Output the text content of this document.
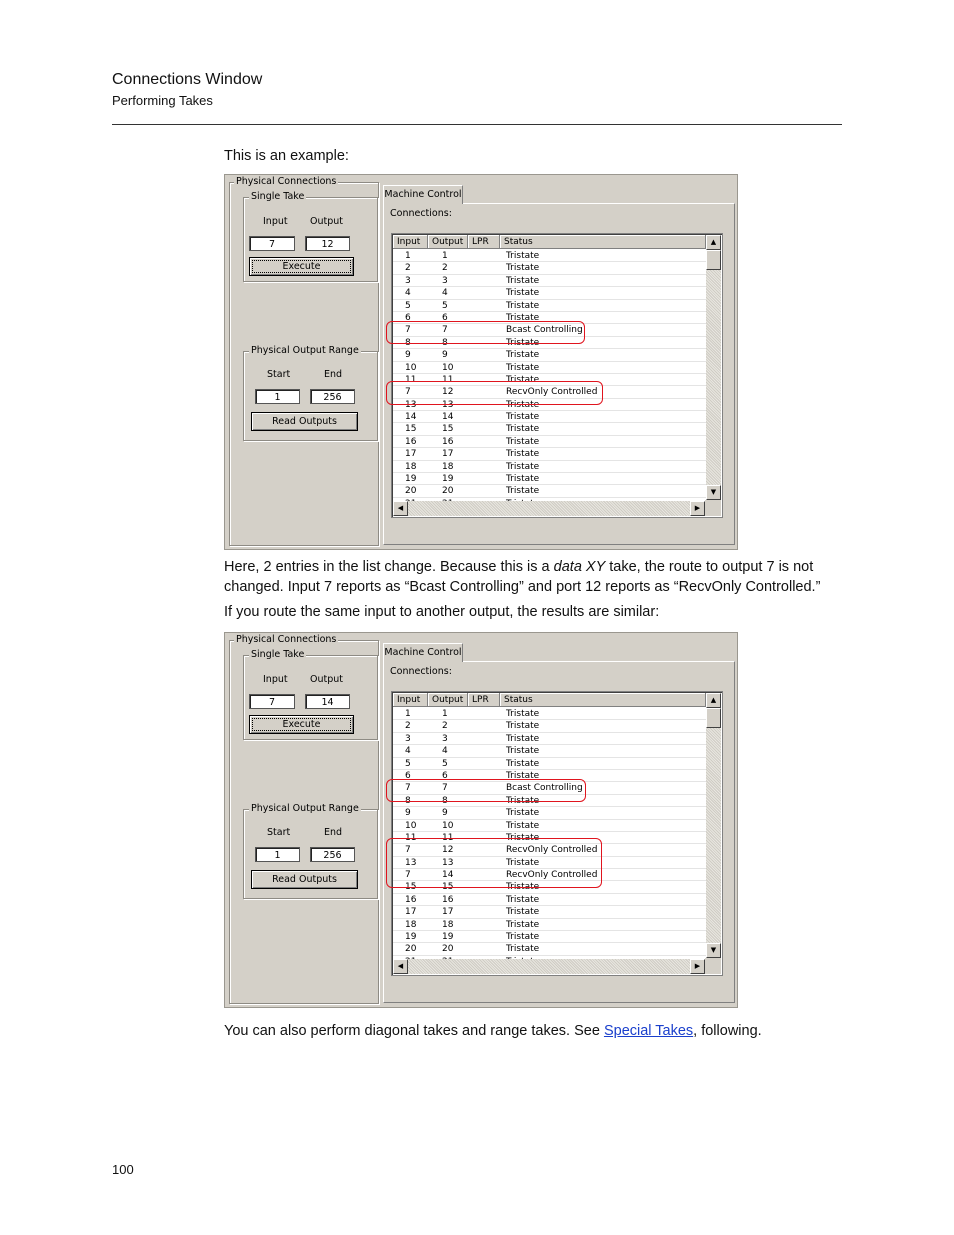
Connections Window
Performing Takes
This is an example:
Physical Connections
Single Take
Input Output
7	12
Execute
Physical Output Range
Start	End
1	256
Read Outputs
Machine Control
Connections:
Input	Output LPR	Status
1	1	Tristate
2	2	Tristate
3	3	Tristate
4	4	Tristate
5	5	Tristate
6	6	Tristate
7	7	Bcast Controlling
8	8	Tristate
9	9	Tristate
10	10	Tristate
11	11	Tristate
7	12	RecvOnly Controlled
13	13	Tristate
14	14	Tristate
15	15	Tristate
16	16	Tristate
17	17	Tristate
18	18	Tristate
19	19	Tristate
20	20	Tristate
▲
▼
◀	▶
Here, 2 entries in the list change. Because this is a data XY take, the route to output 7 is not changed. Input 7 reports as “Bcast Controlling” and port 12 reports as “RecvOnly Controlled.”
If you route the same input to another output, the results are similar:
Physical Connections
Single Take
Input Output
7	14
Execute
Physical Output Range
Start	End
1	256
Read Outputs
Machine Control
Connections:
Input	Output LPR	Status
1	1	Tristate
2	2	Tristate
3	3	Tristate
4	4	Tristate
5	5	Tristate
6	6	Tristate
7	7	Bcast Controlling
8	8	Tristate
9	9	Tristate
10	10	Tristate
11	11	Tristate
7	12	RecvOnly Controlled
13	13	Tristate
7	14	RecvOnly Controlled
15	15	Tristate
16	16	Tristate
17	17	Tristate
18	18	Tristate
19	19	Tristate
20	20	Tristate
▲
▼
◀	▶
You can also perform diagonal takes and range takes. See Special Takes, following.
100
